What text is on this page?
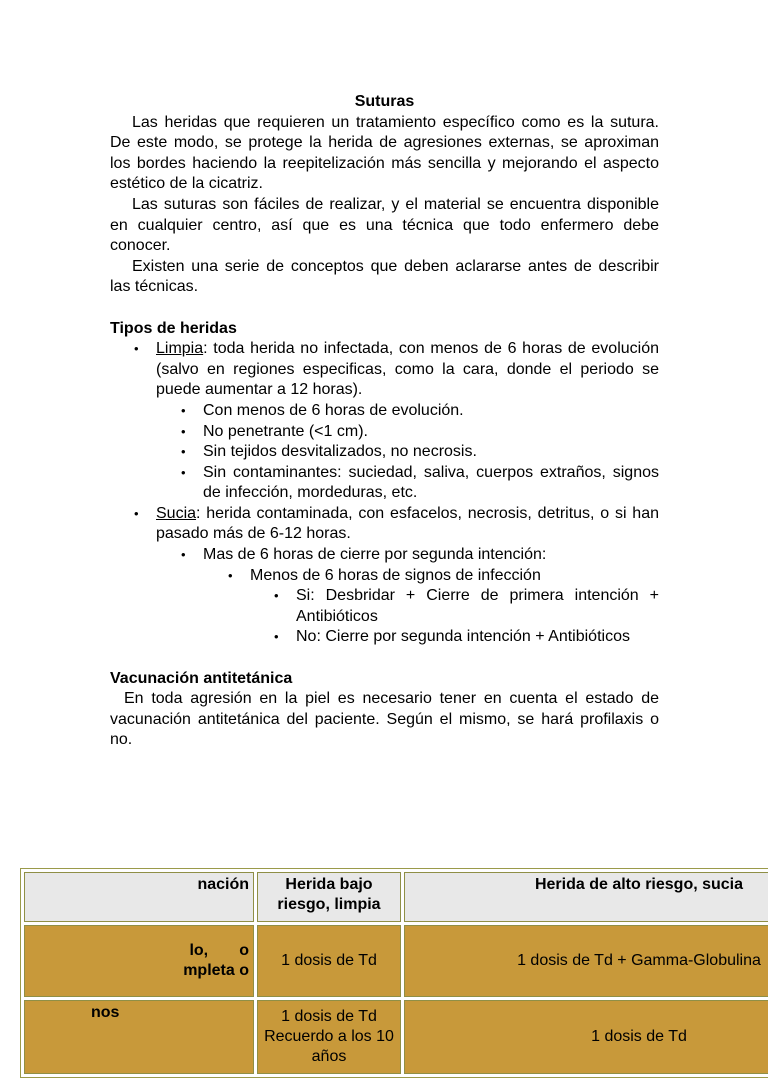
Suturas

Las heridas que requieren un tratamiento específico como es la sutura. De este modo, se protege la herida de agresiones externas, se aproximan los bordes haciendo la reepitelización más sencilla y mejorando el aspecto estético de la cicatriz.

Las suturas son fáciles de realizar, y el material se encuentra disponible en cualquier centro, así que es una técnica que todo enfermero debe conocer.

Existen una serie de conceptos que deben aclararse antes de describir las técnicas.

Tipos de heridas
• Limpia: toda herida no infectada, con menos de 6 horas de evolución (salvo en regiones especificas, como la cara, donde el periodo se puede aumentar a 12 horas).
• Con menos de 6 horas de evolución.
• No penetrante (<1 cm).
• Sin tejidos desvitalizados, no necrosis.
• Sin contaminantes: suciedad, saliva, cuerpos extraños, signos de infección, mordeduras, etc.
• Sucia: herida contaminada, con esfacelos, necrosis, detritus, o si han pasado más de 6-12 horas.
• Mas de 6 horas de cierre por segunda intención:
• Menos de 6 horas de signos de infección
• Si: Desbridar + Cierre de primera intención + Antibióticos
• No: Cierre por segunda intención + Antibióticos
Vacunación antitetánica

En toda agresión en la piel es necesario tener en cuenta el estado de vacunación antitetánica del paciente. Según el mismo, se hará profilaxis o no.

nación	Herida bajo riesgo, limpia	Herida de alto riesgo, sucia
lo,       o
mpleta o	1 dosis de Td	1 dosis de Td + Gamma-Globulina
nos	1 dosis de Td Recuerdo a los 10 años	1 dosis de Td
